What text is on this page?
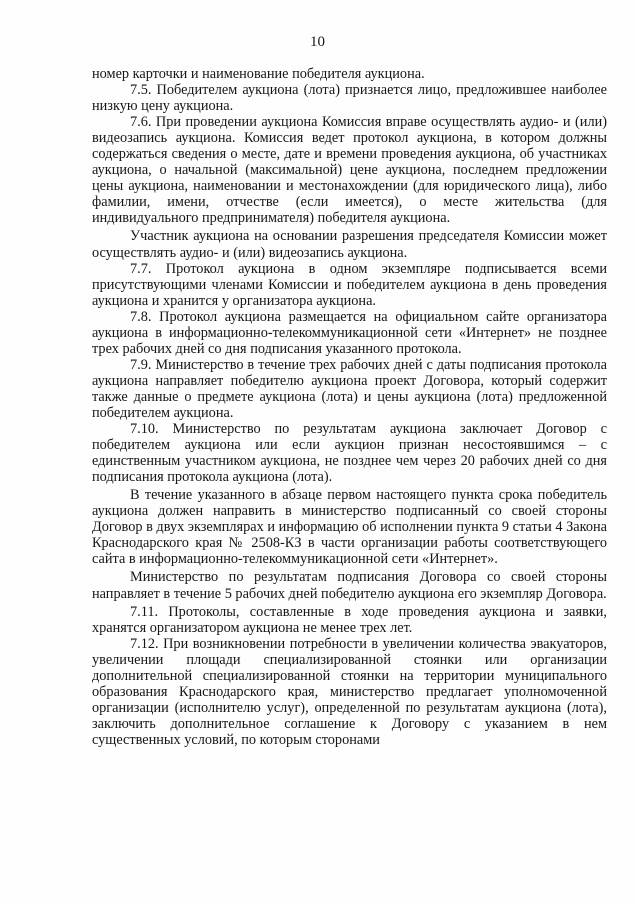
10

номер карточки и наименование победителя аукциона.

7.5. Победителем аукциона (лота) признается лицо, предложившее наиболее низкую цену аукциона.

7.6. При проведении аукциона Комиссия вправе осуществлять аудио- и (или) видеозапись аукциона. Комиссия ведет протокол аукциона, в котором должны содержаться сведения о месте, дате и времени проведения аукциона, об участниках аукциона, о начальной (максимальной) цене аукциона, последнем предложении цены аукциона, наименовании и местонахождении (для юридического лица), либо фамилии, имени, отчестве (если имеется), о месте жительства (для индивидуального предпринимателя) победителя аукциона.

Участник аукциона на основании разрешения председателя Комиссии может осуществлять аудио- и (или) видеозапись аукциона.

7.7. Протокол аукциона в одном экземпляре подписывается всеми присутствующими членами Комиссии и победителем аукциона в день проведения аукциона и хранится у организатора аукциона.

7.8. Протокол аукциона размещается на официальном сайте организатора аукциона в информационно-телекоммуникационной сети «Интернет» не позднее трех рабочих дней со дня подписания указанного протокола.

7.9. Министерство в течение трех рабочих дней с даты подписания протокола аукциона направляет победителю аукциона проект Договора, который содержит также данные о предмете аукциона (лота) и цены аукциона (лота) предложенной победителем аукциона.

7.10. Министерство по результатам аукциона заключает Договор с победителем аукциона или если аукцион признан несостоявшимся – с единственным участником аукциона, не позднее чем через 20 рабочих дней со дня подписания протокола аукциона (лота).

В течение указанного в абзаце первом настоящего пункта срока победитель аукциона должен направить в министерство подписанный со своей стороны Договор в двух экземплярах и информацию об исполнении пункта 9 статьи 4 Закона Краснодарского края № 2508-КЗ в части организации работы соответствующего сайта в информационно-телекоммуникационной сети «Интернет».

Министерство по результатам подписания Договора со своей стороны направляет в течение 5 рабочих дней победителю аукциона его экземпляр Договора.

7.11. Протоколы, составленные в ходе проведения аукциона и заявки, хранятся организатором аукциона не менее трех лет.

7.12. При возникновении потребности в увеличении количества эвакуаторов, увеличении площади специализированной стоянки или организации дополнительной специализированной стоянки на территории муниципального образования Краснодарского края, министерство предлагает уполномоченной организации (исполнителю услуг), определенной по результатам аукциона (лота), заключить дополнительное соглашение к Договору с указанием в нем существенных условий, по которым сторонами
